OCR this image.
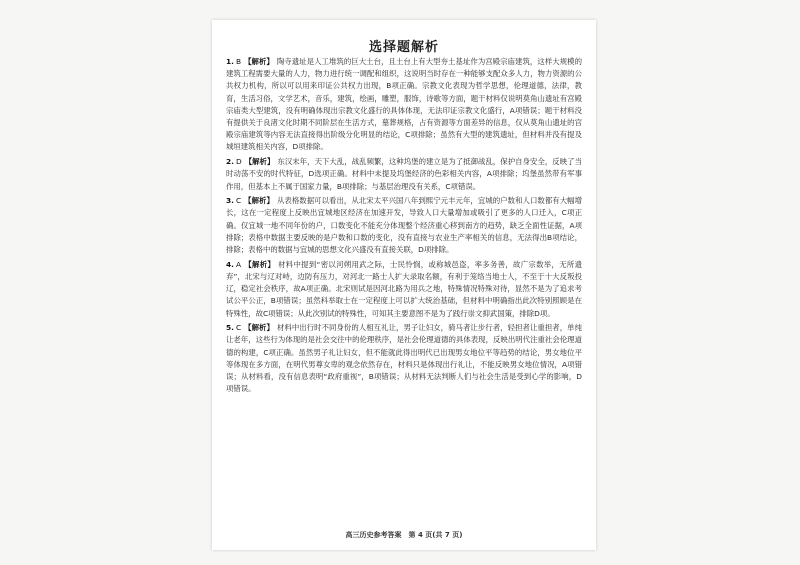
选择题解析
1. B 【解析】 陶寺遗址是人工堆筑的巨大土台，且土台上有大型夯土基址作为宫殿宗庙建筑，这样大规模的建筑工程需要大量的人力，物力进行统一调配和组织，这说明当时存在一种能够支配众多人力，物力资源的公共权力机构，所以可以用来印证公共权力出现，B项正确。宗教文化表现为哲学思想，伦理道德，法律，教育，生活习俗，文学艺术，音乐，建筑，绘画，雕塑，服饰，诗歌等方面，题干材料仅说明莫角山遗址有宫殿宗庙类大型建筑，没有明确体现出宗教文化盛行的具体体现，无法印证宗教文化盛行，A项错误；题干材料没有提供关于良渚文化时期不同阶层在生活方式，墓葬规格，占有资源等方面差异的信息，仅从莫角山遗址的宫殿宗庙建筑等内容无法直接得出阶级分化明显的结论，C项排除；虽然有大型的建筑遗址，但材料并没有提及城垣建筑相关内容，D项排除。
2. D 【解析】 东汉末年，天下大乱，战乱频繁，这种坞堡的建立是为了抵御战乱，保护自身安全，反映了当时动荡不安的时代特征，D选项正确。材料中未提及坞堡经济的色彩相关内容，A项排除；坞堡虽然带有军事作用，但基本上不属于国家力量，B项排除；与基层治理没有关系，C项错误。
3. C 【解析】 从表格数据可以看出，从北宋太平兴国八年到熙宁元丰元年，宜城的户数和人口数都有大幅增长，这在一定程度上反映出宜城地区经济在加速开发，导致人口大量增加或吸引了更多的人口迁入，C项正确。仅宜城一地不同年份的户，口数变化不能充分体现整个经济重心移到南方的趋势，缺乏全面性证据，A项排除；表格中数据主要反映的是户数和口数的变化，没有直接与农业生产率相关的信息，无法得出B项结论，排除；表格中的数据与宜城的思想文化兴盛没有直接关联，D项排除。
4. A 【解析】 材料中提到“密以河朔用武之际，士民怜悯，或称城邑盗，率多务善，故广宗数举，无所遗弃”，北宋与辽对峙，边防有压力，对河北一路士人扩大录取名额，有利于笼络当地士人，不至于十大反叛投辽，稳定社会秩序，故A项正确。北宋则试是因河北路为用兵之地，特殊情况特殊对待，显然不是为了追求考试公平公正，B项错误；虽然科举取士在一定程度上可以扩大统治基础，但材料中明确指出此次特别照顾是在特殊性，故C项错误；从此次别试的特殊性，可知其主要意图不是为了践行崇文抑武国策，排除D项。
5. C 【解析】 材料中出行时不同身份的人相互礼让，男子让妇女，骑马者让步行者，轻担者让重担者，单纯让老年，这些行为体现的是社会交往中的伦理秩序，是社会伦理道德的具体表现，反映出明代注重社会伦理道德的构建，C项正确。虽然男子礼让妇女，但不能就此得出明代已出现男女地位平等趋势的结论，男女地位平等体现在多方面，在明代男尊女卑的观念依然存在，材料只是体现出行礼让，不能反映男女地位情况，A项错误；从材料看，没有信息表明“政府重视”，B项错误；从材料无法判断人们与社会生活是受到心学的影响，D项错误。
高三历史参考答案　第 4 页(共 7 页)
